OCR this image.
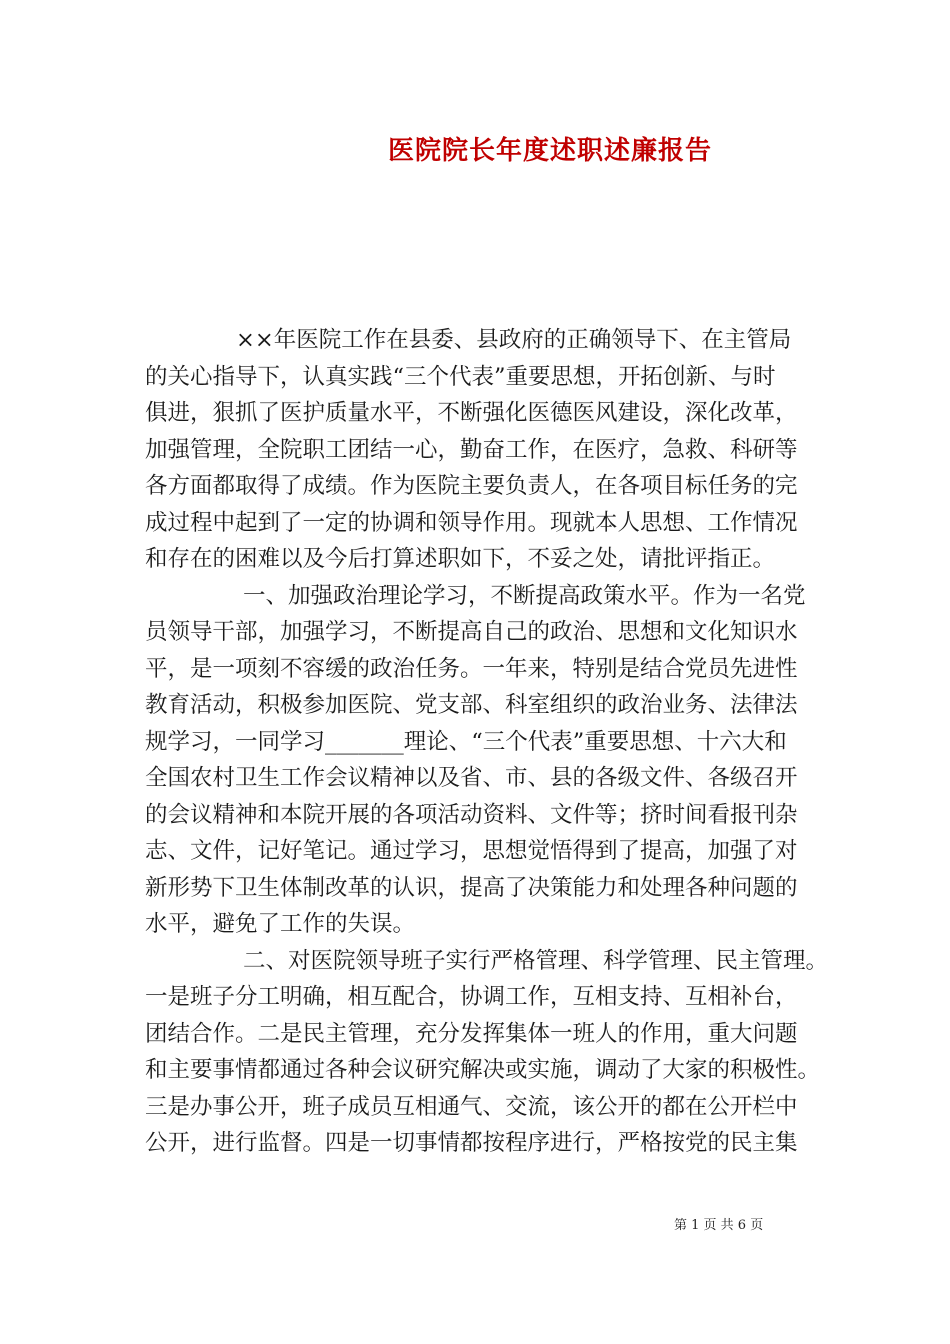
医院院长年度述职述廉报告
××年医院工作在县委、县政府的正确领导下、在主管局
的关心指导下，认真实践“三个代表”重要思想，开拓创新、与时
俱进，狠抓了医护质量水平，不断强化医德医风建设，深化改革，
加强管理，全院职工团结一心，勤奋工作，在医疗，急救、科研等
各方面都取得了成绩。作为医院主要负责人，在各项目标任务的完
成过程中起到了一定的协调和领导作用。现就本人思想、工作情况
和存在的困难以及今后打算述职如下，不妥之处，请批评指正。
一、加强政治理论学习，不断提高政策水平。作为一名党
员领导干部，加强学习，不断提高自己的政治、思想和文化知识水
平，是一项刻不容缓的政治任务。一年来，特别是结合党员先进性
教育活动，积极参加医院、党支部、科室组织的政治业务、法律法
规学习，一同学习_______理论、“三个代表”重要思想、十六大和
全国农村卫生工作会议精神以及省、市、县的各级文件、各级召开
的会议精神和本院开展的各项活动资料、文件等；挤时间看报刊杂
志、文件，记好笔记。通过学习，思想觉悟得到了提高，加强了对
新形势下卫生体制改革的认识，提高了决策能力和处理各种问题的
水平，避免了工作的失误。
二、对医院领导班子实行严格管理、科学管理、民主管理。
一是班子分工明确，相互配合，协调工作，互相支持、互相补台，
团结合作。二是民主管理，充分发挥集体一班人的作用，重大问题
和主要事情都通过各种会议研究解决或实施，调动了大家的积极性。
三是办事公开，班子成员互相通气、交流，该公开的都在公开栏中
公开，进行监督。四是一切事情都按程序进行，严格按党的民主集
第 1 页 共 6 页
